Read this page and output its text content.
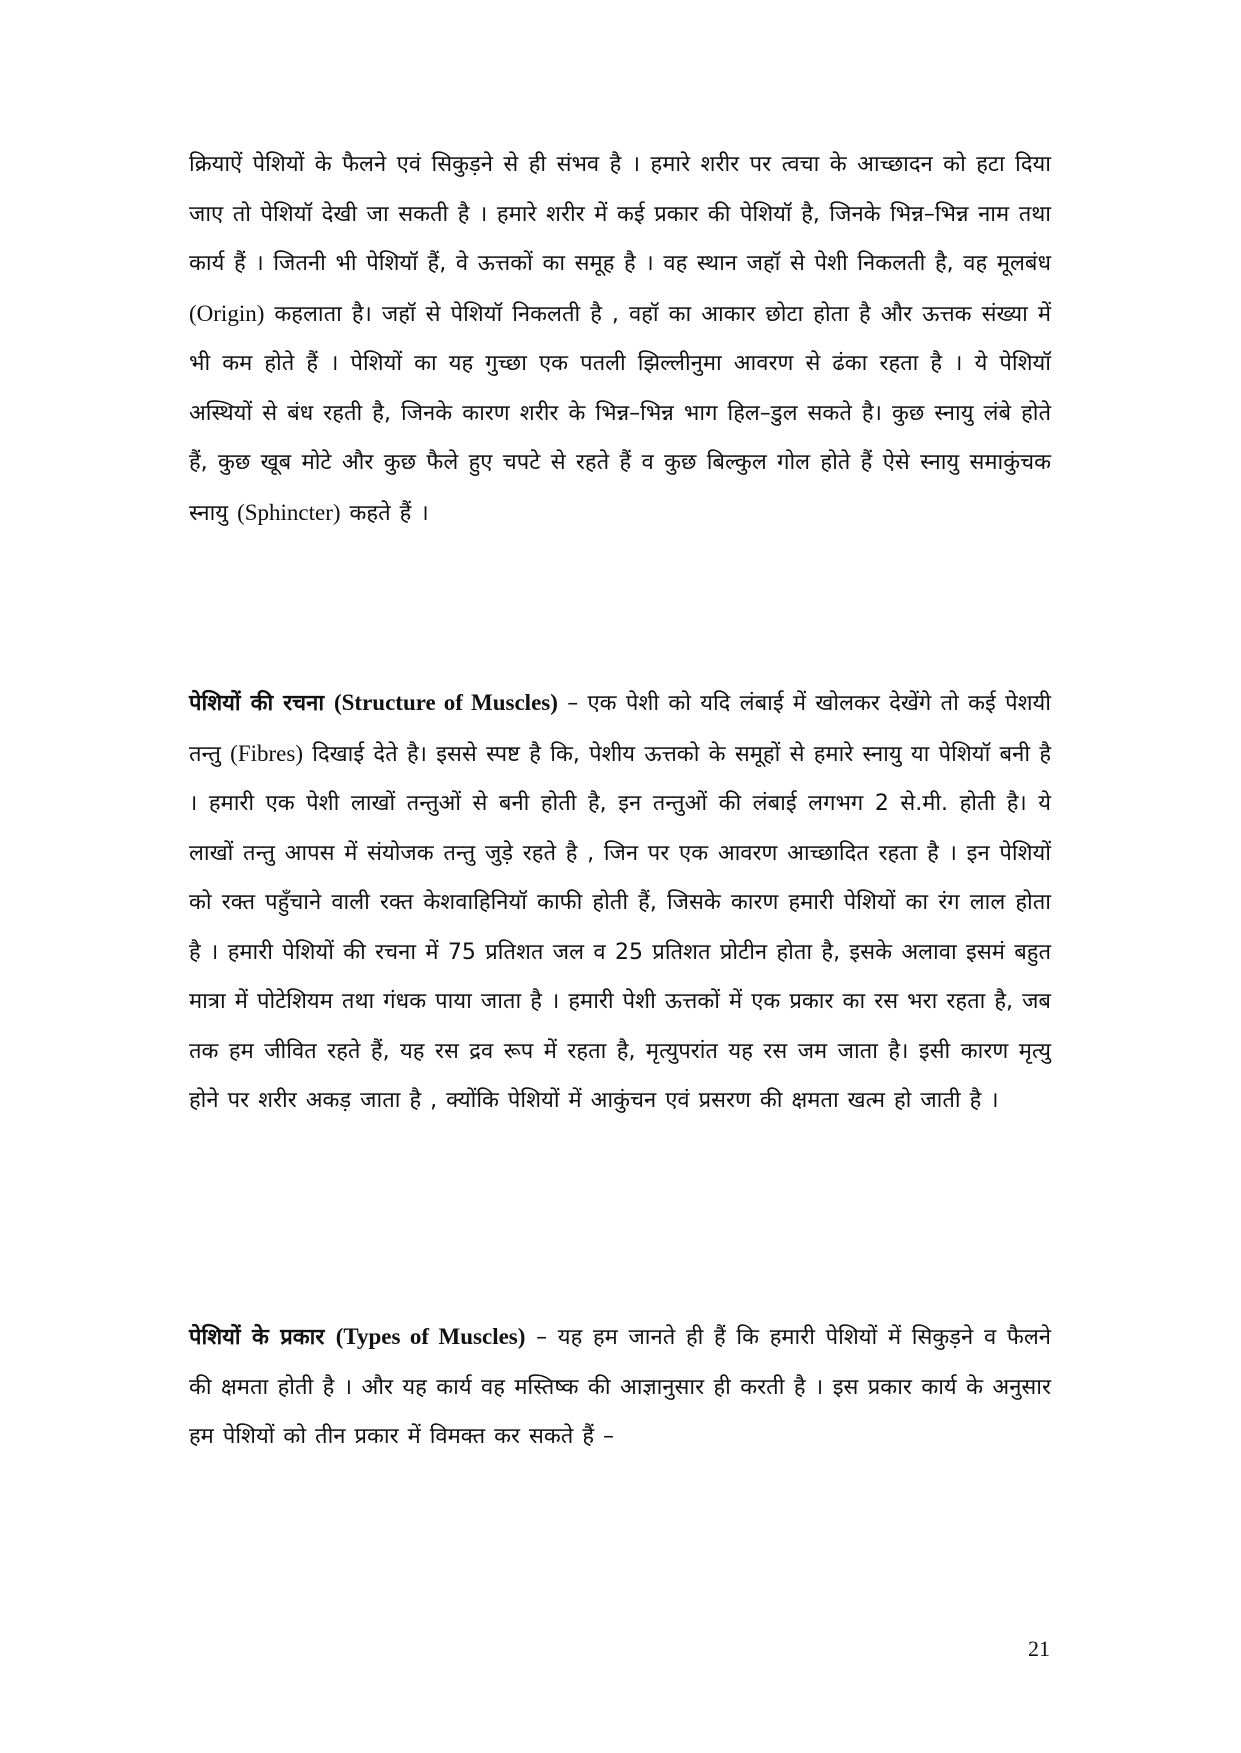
क्रियाऐं पेशियों के फैलने एवं सिकुड़ने से ही संभव है । हमारे शरीर पर त्वचा के आच्छादन को हटा दिया जाए तो पेशियॉ देखी जा सकती है । हमारे शरीर में कई प्रकार की पेशियॉ है, जिनके भिन्न–भिन्न नाम तथा कार्य हैं । जितनी भी पेशियॉ हैं, वे ऊत्तकों का समूह है । वह स्थान जहॉ से पेशी निकलती है, वह मूलबंध (Origin) कहलाता है। जहॉ से पेशियॉ निकलती है , वहॉ का आकार छोटा होता है और ऊत्तक संख्या में भी कम होते हैं । पेशियों का यह गुच्छा एक पतली झिल्लीनुमा आवरण से ढंका रहता है । ये पेशियॉ अस्थियों से बंध रहती है, जिनके कारण शरीर के भिन्न–भिन्न भाग हिल–डुल सकते है। कुछ स्नायु लंबे होते हैं, कुछ खूब मोटे और कुछ फैले हुए चपटे से रहते हैं व कुछ बिल्कुल गोल होते हैं ऐसे स्नायु समाकुंचक स्नायु (Sphincter) कहते हैं ।

पेशियों की रचना (Structure of Muscles) – एक पेशी को यदि लंबाई में खोलकर देखेंगे तो कई पेशयी तन्तु (Fibres) दिखाई देते है। इससे स्पष्ट है कि, पेशीय ऊत्तको के समूहों से हमारे स्नायु या पेशियॉ बनी है । हमारी एक पेशी लाखों तन्तुओं से बनी होती है, इन तन्तुओं की लंबाई लगभग 2 से.मी. होती है। ये लाखों तन्तु आपस में संयोजक तन्तु जुड़े रहते है , जिन पर एक आवरण आच्छादित रहता है । इन पेशियों को रक्त पहुँचाने वाली रक्त केशवाहिनियॉ काफी होती हैं, जिसके कारण हमारी पेशियों का रंग लाल होता है । हमारी पेशियों की रचना में 75 प्रतिशत जल व 25 प्रतिशत प्रोटीन होता है, इसके अलावा इसमं बहुत मात्रा में पोटेशियम तथा गंधक पाया जाता है । हमारी पेशी ऊत्तकों में एक प्रकार का रस भरा रहता है, जब तक हम जीवित रहते हैं, यह रस द्रव रूप में रहता है, मृत्युपरांत यह रस जम जाता है। इसी कारण मृत्यु होने पर शरीर अकड़ जाता है , क्योंकि पेशियों में आकुंचन एवं प्रसरण की क्षमता खत्म हो जाती है ।

पेशियों के प्रकार (Types of Muscles) – यह हम जानते ही हैं कि हमारी पेशियों में सिकुड़ने व फैलने की क्षमता होती है । और यह कार्य वह मस्तिष्क की आज्ञानुसार ही करती है । इस प्रकार कार्य के अनुसार हम पेशियों को तीन प्रकार में विमक्त कर सकते हैं –

21
